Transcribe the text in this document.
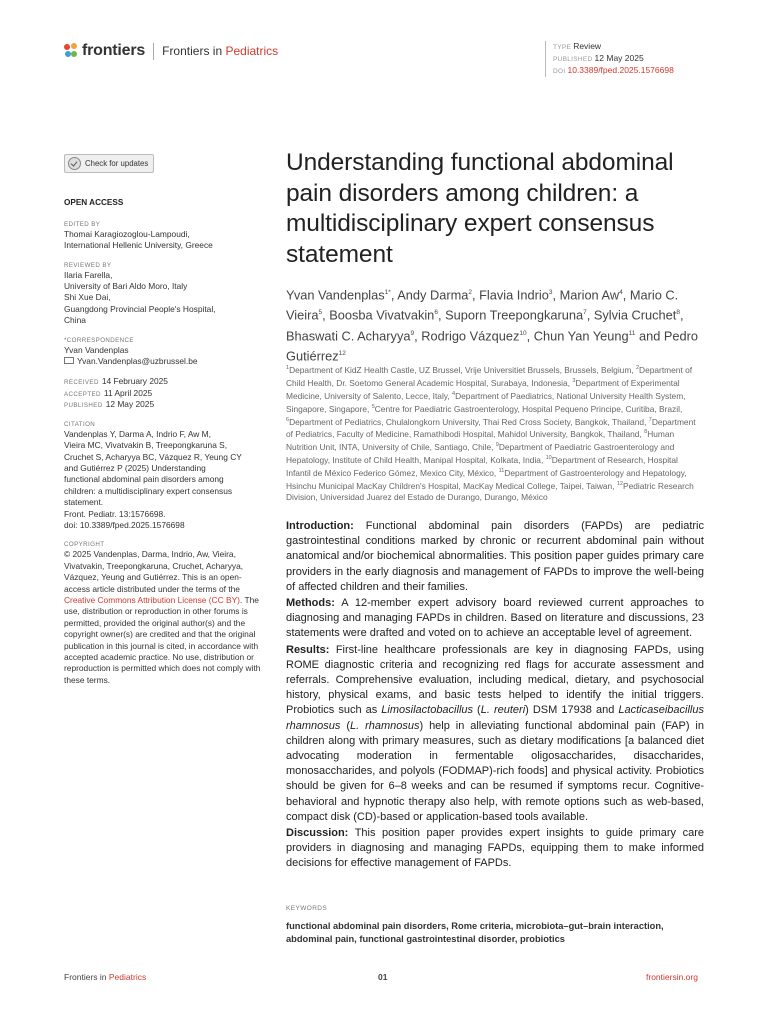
frontiers Frontiers in Pediatrics	TYPE Review
PUBLISHED 12 May 2025
DOI 10.3389/fped.2025.1576698
Check for updates
OPEN ACCESS
EDITED BY
Thomai Karagiozoglou-Lampoudi,
International Hellenic University, Greece
REVIEWED BY
Ilaria Farella,
University of Bari Aldo Moro, Italy
Shi Xue Dai,
Guangdong Provincial People's Hospital,
China
*CORRESPONDENCE
Yvan Vandenplas
Yvan.Vandenplas@uzbrussel.be
RECEIVED 14 February 2025
ACCEPTED 11 April 2025
PUBLISHED 12 May 2025
CITATION
Vandenplas Y, Darma A, Indrio F, Aw M,
Vieira MC, Vivatvakin B, Treepongkaruna S,
Cruchet S, Acharyya BC, Vázquez R, Yeung CY
and Gutiérrez P (2025) Understanding
functional abdominal pain disorders among
children: a multidisciplinary expert consensus
statement.
Front. Pediatr. 13:1576698.
doi: 10.3389/fped.2025.1576698
COPYRIGHT
© 2025 Vandenplas, Darma, Indrio, Aw, Vieira, Vivatvakin, Treepongkaruna, Cruchet, Acharyya, Vázquez, Yeung and Gutiérrez. This is an open-access article distributed under the terms of the Creative Commons Attribution License (CC BY). The use, distribution or reproduction in other forums is permitted, provided the original author(s) and the copyright owner(s) are credited and that the original publication in this journal is cited, in accordance with accepted academic practice. No use, distribution or reproduction is permitted which does not comply with these terms.
Understanding functional abdominal pain disorders among children: a multidisciplinary expert consensus statement
Yvan Vandenplas$^{1*}$, Andy Darma$^2$, Flavia Indrio$^3$, Marion Aw$^4$, Mario C. Vieira$^5$, Boosba Vivatvakin$^6$, Suporn Treepongkaruna$^7$, Sylvia Cruchet$^8$, Bhaswati C. Acharyya$^9$, Rodrigo Vázquez$^{10}$, Chun Yan Yeung$^{11}$ and Pedro Gutiérrez$^{12}$
$^1$Department of KidZ Health Castle, UZ Brussel, Vrije Universitiet Brussels, Brussels, Belgium, $^2$Department of Child Health, Dr. Soetomo General Academic Hospital, Surabaya, Indonesia, $^3$Department of Experimental Medicine, University of Salento, Lecce, Italy, $^4$Department of Paediatrics, National University Health System, Singapore, Singapore, $^5$Centre for Paediatric Gastroenterology, Hospital Pequeno Principe, Curitiba, Brazil, $^6$Department of Pediatrics, Chulalongkorn University, Thai Red Cross Society, Bangkok, Thailand, $^7$Department of Pediatrics, Faculty of Medicine, Ramathibodi Hospital, Mahidol University, Bangkok, Thailand, $^8$Human Nutrition Unit, INTA, University of Chile, Santiago, Chile, $^9$Department of Paediatric Gastroenterology and Hepatology, Institute of Child Health, Manipal Hospital, Kolkata, India, $^{10}$Department of Research, Hospital Infantil de México Federico Gómez, Mexico City, México, $^{11}$Department of Gastroenterology and Hepatology, Hsinchu Municipal MacKay Children's Hospital, MacKay Medical College, Taipei, Taiwan, $^{12}$Pediatric Research Division, Universidad Juarez del Estado de Durango, Durango, México

Introduction: Functional abdominal pain disorders (FAPDs) are pediatric gastrointestinal conditions marked by chronic or recurrent abdominal pain without anatomical and/or biochemical abnormalities. This position paper guides primary care providers in the early diagnosis and management of FAPDs to improve the well-being of affected children and their families.

Methods: A 12-member expert advisory board reviewed current approaches to diagnosing and managing FAPDs in children. Based on literature and discussions, 23 statements were drafted and voted on to achieve an acceptable level of agreement.

Results: First-line healthcare professionals are key in diagnosing FAPDs, using ROME diagnostic criteria and recognizing red flags for accurate assessment and referrals. Comprehensive evaluation, including medical, dietary, and psychosocial history, physical exams, and basic tests helped to identify the initial triggers. Probiotics such as Limosilactobacillus (L. reuteri) DSM 17938 and Lacticaseibacillus rhamnosus (L. rhamnosus) help in alleviating functional abdominal pain (FAP) in children along with primary measures, such as dietary modifications [a balanced diet advocating moderation in fermentable oligosaccharides, disaccharides, monosaccharides, and polyols (FODMAP)-rich foods] and physical activity. Probiotics should be given for 6–8 weeks and can be resumed if symptoms recur. Cognitive-behavioral and hypnotic therapy also help, with remote options such as web-based, compact disk (CD)-based or application-based tools available.

Discussion: This position paper provides expert insights to guide primary care providers in diagnosing and managing FAPDs, equipping them to make informed decisions for effective management of FAPDs.

KEYWORDS
functional abdominal pain disorders, Rome criteria, microbiota–gut–brain interaction, abdominal pain, functional gastrointestinal disorder, probiotics
Frontiers in Pediatrics	01	frontiersin.org
